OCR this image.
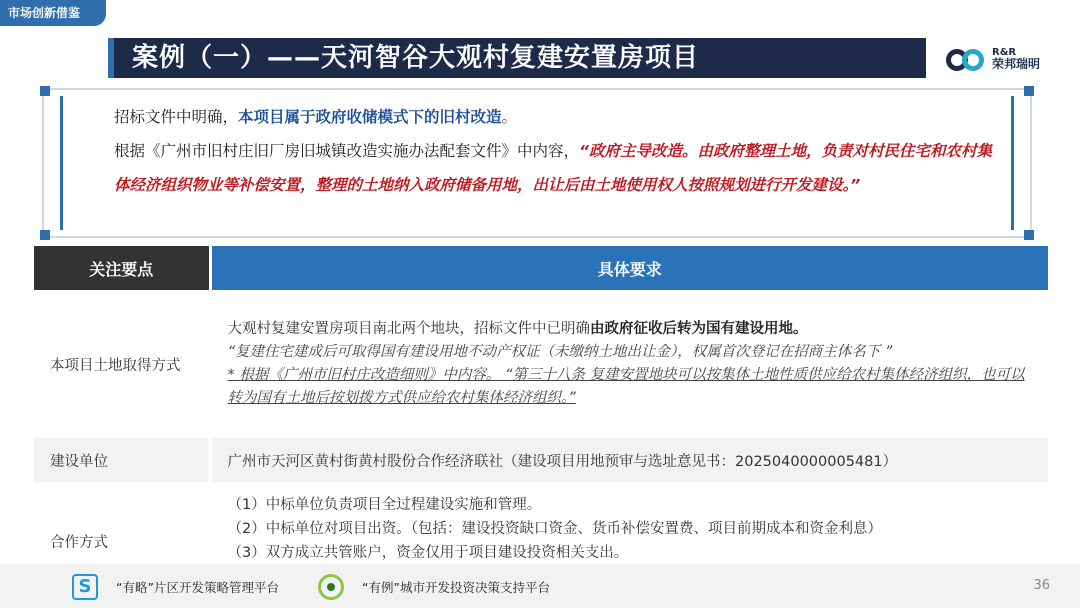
市场创新借鉴
案例（一）——天河智谷大观村复建安置房项目	R&R
荣邦瑞明
招标文件中明确，本项目属于政府收储模式下的旧村改造。
根据《广州市旧村庄旧厂房旧城镇改造实施办法配套文件》中内容，“政府主导改造。由政府整理土地，负责对村民住宅和农村集体经济组织物业等补偿安置，整理的土地纳入政府储备用地，出让后由土地使用权人按照规划进行开发建设。”
关注要点	具体要求
本项目土地取得方式	大观村复建安置房项目南北两个地块，招标文件中已明确由政府征收后转为国有建设用地。
“复建住宅建成后可取得国有建设用地不动产权证（未缴纳土地出让金），权属首次登记在招商主体名下 ”
* 根据《广州市旧村庄改造细则》中内容。 “第三十八条 复建安置地块可以按集体土地性质供应给农村集体经济组织，也可以转为国有土地后按划拨方式供应给农村集体经济组织。”

建设单位	广州市天河区黄村街黄村股份合作经济联社（建设项目用地预审与选址意见书：2025040000005481）
合作方式	（1）中标单位负责项目全过程建设实施和管理。
（2）中标单位对项目出资。（包括：建设投资缺口资金、货币补偿安置费、项目前期成本和资金利息）
（3）双方成立共管账户，资金仅用于项目建设投资相关支出。
S	“有略”片区开发策略管理平台	“有例”城市开发投资决策支持平台	36
